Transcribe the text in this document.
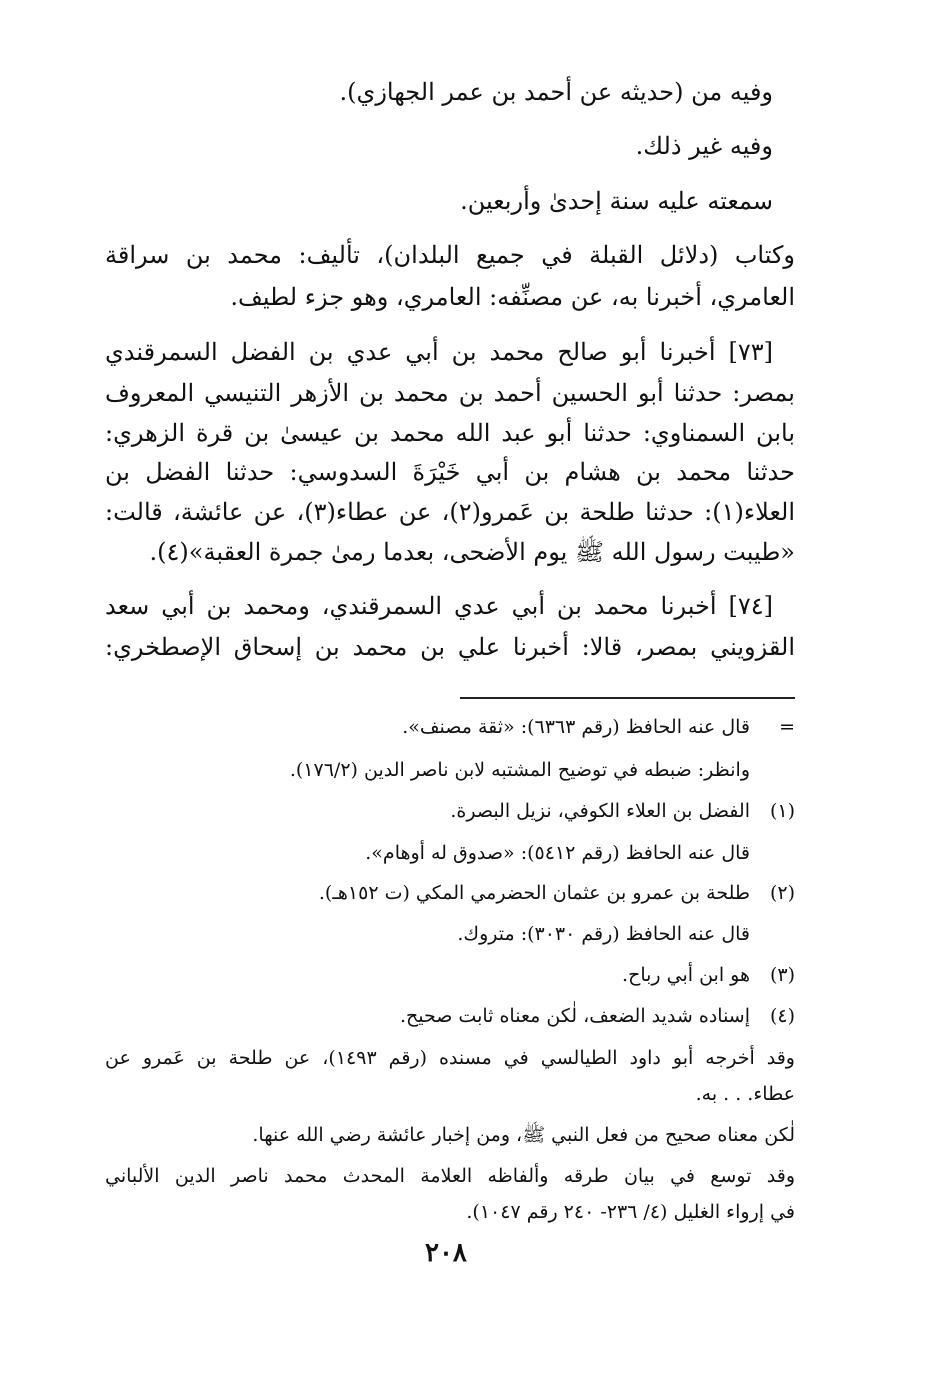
وفيه من (حديثه عن أحمد بن عمر الجهازي).
وفيه غير ذلك.
سمعته عليه سنة إحدىٰ وأربعين.
وكتاب (دلائل القبلة في جميع البلدان)، تأليف: محمد بن سراقة
العامري، أخبرنا به، عن مصنِّفه: العامري، وهو جزء لطيف.
[٧٣] أخبرنا أبو صالح محمد بن أبي عدي بن الفضل السمرقندي
بمصر: حدثنا أبو الحسين أحمد بن محمد بن الأزهر التنيسي المعروف
بابن السمناوي: حدثنا أبو عبد الله محمد بن عيسىٰ بن قرة الزهري:
حدثنا محمد بن هشام بن أبي خَيْرَةَ السدوسي: حدثنا الفضل بن
العلاء(١): حدثنا طلحة بن عَمرو(٢)، عن عطاء(٣)، عن عائشة، قالت:
«طيبت رسول الله ﷺ يوم الأضحى، بعدما رمىٰ جمرة العقبة»(٤).
[٧٤] أخبرنا محمد بن أبي عدي السمرقندي، ومحمد بن أبي سعد
القزويني بمصر، قالا: أخبرنا علي بن محمد بن إسحاق الإصطخري:
=
قال عنه الحافظ (رقم ٦٣٦٣): «ثقة مصنف».
وانظر: ضبطه في توضيح المشتبه لابن ناصر الدين (١٧٦/٢).
(١)
الفضل بن العلاء الكوفي، نزيل البصرة.
قال عنه الحافظ (رقم ٥٤١٢): «صدوق له أوهام».
(٢)
طلحة بن عمرو بن عثمان الحضرمي المكي (ت ١٥٢هـ).
قال عنه الحافظ (رقم ٣٠٣٠): متروك.
(٣)
هو ابن أبي رباح.
(٤)
إسناده شديد الضعف، لٰكن معناه ثابت صحيح.
وقد أخرجه أبو داود الطيالسي في مسنده (رقم ١٤٩٣)، عن طلحة بن عَمرو عن
عطاء. . . به.
لٰكن معناه صحيح من فعل النبي ﷺ، ومن إخبار عائشة رضي الله عنها.
وقد توسع في بيان طرقه وألفاظه العلامة المحدث محمد ناصر الدين الألباني
في إرواء الغليل (٤/ ٢٣٦- ٢٤٠ رقم ١٠٤٧).
٢٠٨
